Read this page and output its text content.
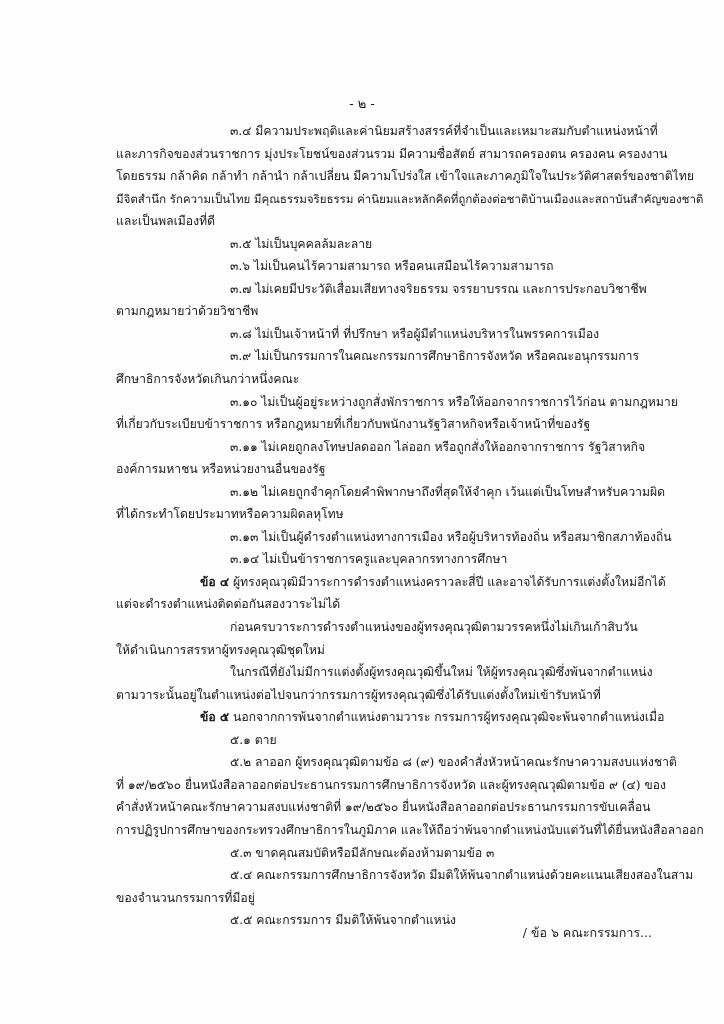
- ๒ -
๓.๔ มีความประพฤติและค่านิยมสร้างสรรค์ที่จำเป็นและเหมาะสมกับตำแหน่งหน้าที่
และภารกิจของส่วนราชการ มุ่งประโยชน์ของส่วนรวม มีความซื่อสัตย์ สามารถครองตน ครองคน ครองงาน
โดยธรรม กล้าคิด กล้าทำ กล้านำ กล้าเปลี่ยน มีความโปร่งใส เข้าใจและภาคภูมิใจในประวัติศาสตร์ของชาติไทย
มีจิตสำนึก รักความเป็นไทย มีคุณธรรมจริยธรรม ค่านิยมและหลักคิดที่ถูกต้องต่อชาติบ้านเมืองและสถาบันสำคัญของชาติ
และเป็นพลเมืองที่ดี
๓.๕ ไม่เป็นบุคคลล้มละลาย
๓.๖ ไม่เป็นคนไร้ความสามารถ หรือคนเสมือนไร้ความสามารถ
๓.๗ ไม่เคยมีประวัติเสื่อมเสียทางจริยธรรม จรรยาบรรณ และการประกอบวิชาชีพ
ตามกฎหมายว่าด้วยวิชาชีพ
๓.๘ ไม่เป็นเจ้าหน้าที่ ที่ปรึกษา หรือผู้มีตำแหน่งบริหารในพรรคการเมือง
๓.๙ ไม่เป็นกรรมการในคณะกรรมการศึกษาธิการจังหวัด หรือคณะอนุกรรมการ
ศึกษาธิการจังหวัดเกินกว่าหนึ่งคณะ
๓.๑๐ ไม่เป็นผู้อยู่ระหว่างถูกสั่งพักราชการ หรือให้ออกจากราชการไว้ก่อน ตามกฎหมาย
ที่เกี่ยวกับระเบียบข้าราชการ หรือกฎหมายที่เกี่ยวกับพนักงานรัฐวิสาหกิจหรือเจ้าหน้าที่ของรัฐ
๓.๑๑ ไม่เคยถูกลงโทษปลดออก ไล่ออก หรือถูกสั่งให้ออกจากราชการ รัฐวิสาหกิจ
องค์การมหาชน หรือหน่วยงานอื่นของรัฐ
๓.๑๒ ไม่เคยถูกจำคุกโดยคำพิพากษาถึงที่สุดให้จำคุก เว้นแต่เป็นโทษสำหรับความผิด
ที่ได้กระทำโดยประมาทหรือความผิดลหุโทษ
๓.๑๓ ไม่เป็นผู้ดำรงตำแหน่งทางการเมือง หรือผู้บริหารท้องถิ่น หรือสมาชิกสภาท้องถิ่น
๓.๑๔ ไม่เป็นข้าราชการครูและบุคลากรทางการศึกษา
ข้อ ๔ ผู้ทรงคุณวุฒิมีวาระการดำรงตำแหน่งคราวละสี่ปี และอาจได้รับการแต่งตั้งใหม่อีกได้
แต่จะดำรงตำแหน่งติดต่อกันสองวาระไม่ได้
ก่อนครบวาระการดำรงตำแหน่งของผู้ทรงคุณวุฒิตามวรรคหนึ่งไม่เกินเก้าสิบวัน
ให้ดำเนินการสรรหาผู้ทรงคุณวุฒิชุดใหม่
ในกรณีที่ยังไม่มีการแต่งตั้งผู้ทรงคุณวุฒิขึ้นใหม่ ให้ผู้ทรงคุณวุฒิซึ่งพ้นจากตำแหน่ง
ตามวาระนั้นอยู่ในตำแหน่งต่อไปจนกว่ากรรมการผู้ทรงคุณวุฒิซึ่งได้รับแต่งตั้งใหม่เข้ารับหน้าที่
ข้อ ๕ นอกจากการพ้นจากตำแหน่งตามวาระ กรรมการผู้ทรงคุณวุฒิจะพ้นจากตำแหน่งเมื่อ
๕.๑ ตาย
๕.๒ ลาออก ผู้ทรงคุณวุฒิตามข้อ ๘ (๙) ของคำสั่งหัวหน้าคณะรักษาความสงบแห่งชาติ
ที่ ๑๙/๒๕๖๐ ยื่นหนังสือลาออกต่อประธานกรรมการศึกษาธิการจังหวัด และผู้ทรงคุณวุฒิตามข้อ ๙ (๔) ของ
คำสั่งหัวหน้าคณะรักษาความสงบแห่งชาติที่ ๑๙/๒๕๖๐ ยื่นหนังสือลาออกต่อประธานกรรมการขับเคลื่อน
การปฏิรูปการศึกษาของกระทรวงศึกษาธิการในภูมิภาค และให้ถือว่าพ้นจากตำแหน่งนับแต่วันที่ได้ยื่นหนังสือลาออก
๕.๓ ขาดคุณสมบัติหรือมีลักษณะต้องห้ามตามข้อ ๓
๕.๔ คณะกรรมการศึกษาธิการจังหวัด มีมติให้พ้นจากตำแหน่งด้วยคะแนนเสียงสองในสาม
ของจำนวนกรรมการที่มีอยู่
๕.๕ คณะกรรมการ มีมติให้พ้นจากตำแหน่ง
/ ข้อ ๖ คณะกรรมการ...
